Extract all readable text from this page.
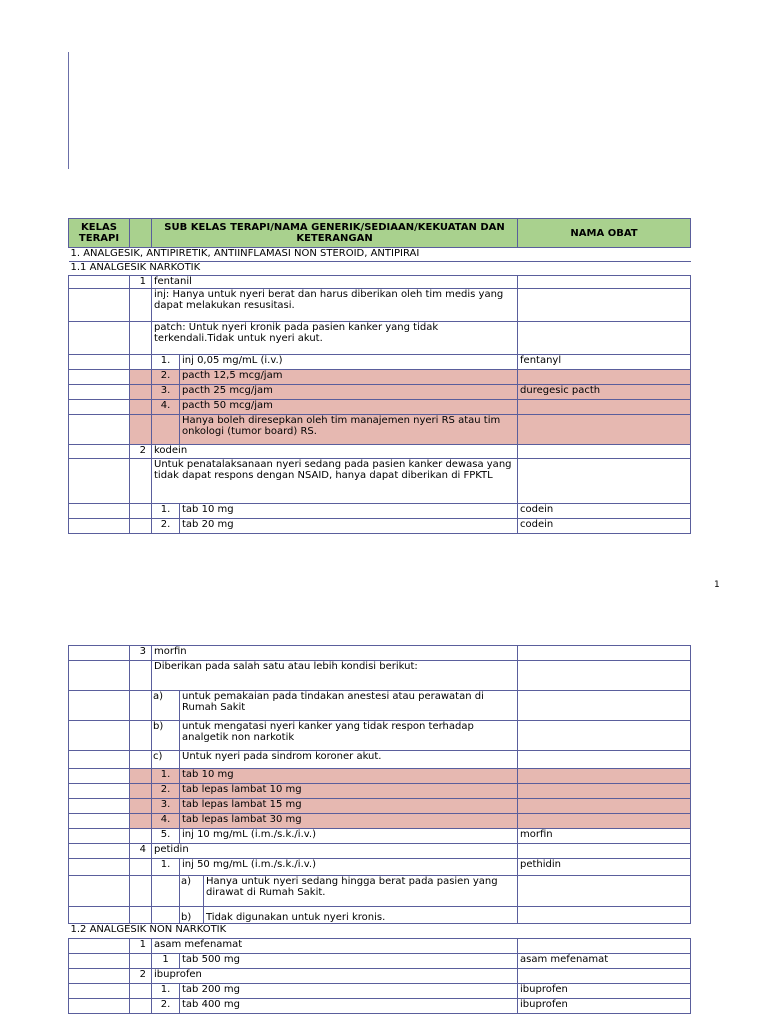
KELAS TERAPI		SUB KELAS TERAPI/NAMA GENERIK/SEDIAAN/KEKUATAN DAN KETERANGAN		NAMA OBAT
1. ANALGESIK, ANTIPIRETIK, ANTIINFLAMASI NON STEROID, ANTIPIRAI				
1.1 ANALGESIK NARKOTIK				
	1	fentanil		
		inj: Hanya untuk nyeri berat dan harus diberikan oleh tim medis yang dapat melakukan resusitasi.		
		patch: Untuk nyeri kronik pada pasien kanker yang tidak terkendali.Tidak untuk nyeri akut.		
		1.	inj 0,05 mg/mL (i.v.)	fentanyl
		2.	pacth 12,5 mcg/jam	
		3.	pacth 25 mcg/jam	duregesic pacth
		4.	pacth 50 mcg/jam	
			Hanya boleh diresepkan oleh tim manajemen nyeri RS atau tim onkologi (tumor board) RS.	
	2	kodein		
		Untuk penatalaksanaan nyeri sedang pada pasien kanker dewasa yang tidak dapat respons dengan NSAID, hanya dapat diberikan di FPKTL		
		1.	tab 10 mg	codein
		2.	tab 20 mg	codein
1
	3	morfin			
		Diberikan pada salah satu atau lebih kondisi berikut:			
		a)	untuk pemakaian pada tindakan anestesi atau perawatan di Rumah Sakit		
		b)	untuk mengatasi nyeri kanker yang tidak respon terhadap analgetik non narkotik		
		c)	Untuk nyeri pada sindrom koroner akut.		
		1.	tab 10 mg		
		2.	tab lepas lambat 10 mg		
		3.	tab lepas lambat 15 mg		
		4.	tab lepas lambat 30 mg		
		5.	inj 10 mg/mL (i.m./s.k./i.v.)		morfin
	4	petidin			
		1.	inj 50 mg/mL (i.m./s.k./i.v.)		pethidin
			a)	Hanya untuk nyeri sedang hingga berat pada pasien yang dirawat di Rumah Sakit.	
			b)	Tidak digunakan untuk nyeri kronis.	
1.2 ANALGESIK NON NARKOTIK					
	1	asam mefenamat			
		1	tab 500 mg		asam mefenamat
	2	ibuprofen			
		1.	tab 200 mg		ibuprofen
		2.	tab 400 mg		ibuprofen
